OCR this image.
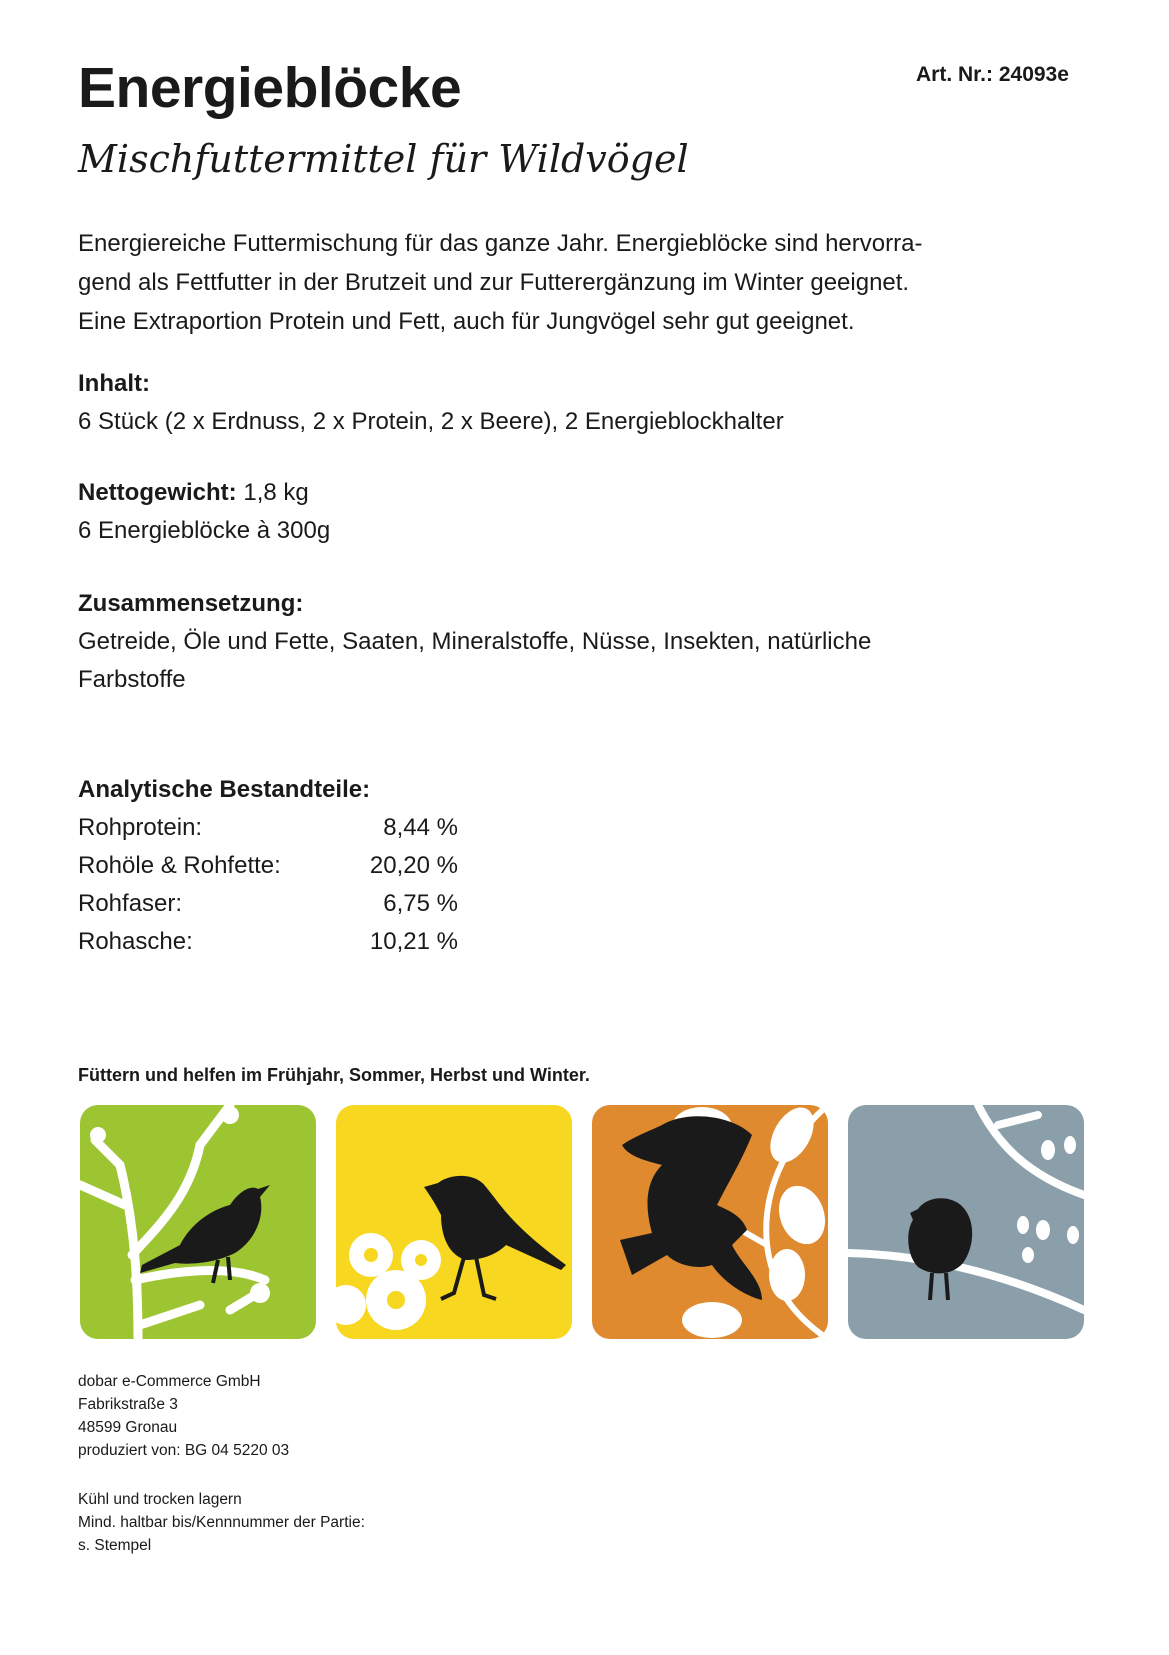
Energieblöcke
Mischfuttermittel für Wildvögel
Art. Nr.: 24093e
Energiereiche Futtermischung für das ganze Jahr. Energieblöcke sind hervorra-
gend als Fettfutter in der Brutzeit und zur Futterergänzung im Winter geeignet.
Eine Extraportion Protein und Fett, auch für Jungvögel sehr gut geeignet.
Inhalt:
6 Stück (2 x Erdnuss, 2 x Protein, 2 x Beere), 2 Energieblockhalter
Nettogewicht: 1,8 kg
6 Energieblöcke à 300g
Zusammensetzung:
Getreide, Öle und Fette, Saaten, Mineralstoffe, Nüsse, Insekten, natürliche
Farbstoffe
Analytische Bestandteile:
Rohprotein:	8,44 %
Rohöle & Rohfette:	20,20 %
Rohfaser:	6,75 %
Rohasche:	10,21 %
Füttern und helfen im Frühjahr, Sommer, Herbst und Winter.
dobar e-Commerce GmbH
Fabrikstraße 3
48599 Gronau
produziert von: BG 04 5220 03
Kühl und trocken lagern
Mind. haltbar bis/Kennnummer der Partie:
s. Stempel
